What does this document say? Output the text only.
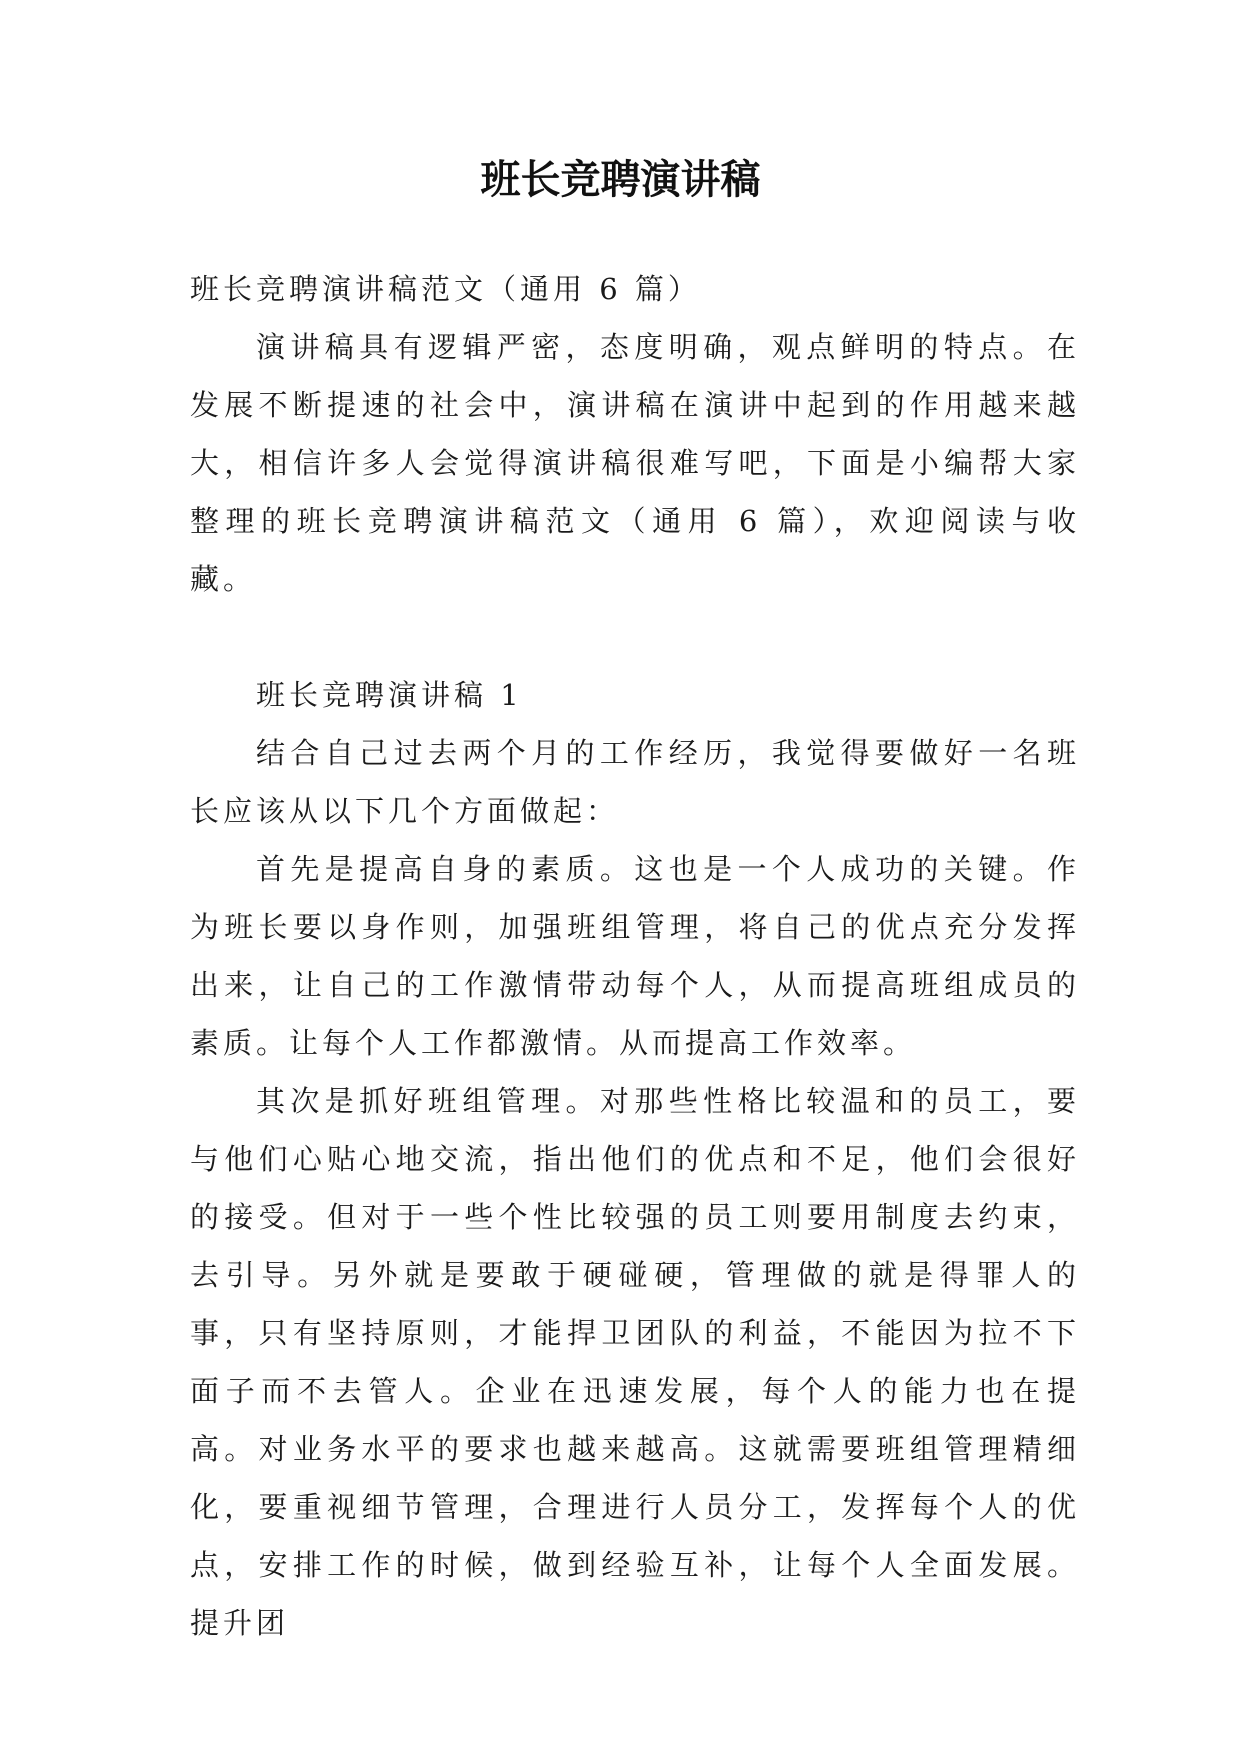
班长竞聘演讲稿

班长竞聘演讲稿范文（通用 6 篇）

演讲稿具有逻辑严密，态度明确，观点鲜明的特点。在发展不断提速的社会中，演讲稿在演讲中起到的作用越来越大，相信许多人会觉得演讲稿很难写吧，下面是小编帮大家整理的班长竞聘演讲稿范文（通用 6 篇），欢迎阅读与收藏。

班长竞聘演讲稿 1

结合自己过去两个月的工作经历，我觉得要做好一名班长应该从以下几个方面做起：

首先是提高自身的素质。这也是一个人成功的关键。作为班长要以身作则，加强班组管理，将自己的优点充分发挥出来，让自己的工作激情带动每个人，从而提高班组成员的素质。让每个人工作都激情。从而提高工作效率。

其次是抓好班组管理。对那些性格比较温和的员工，要与他们心贴心地交流，指出他们的优点和不足，他们会很好的接受。但对于一些个性比较强的员工则要用制度去约束，去引导。另外就是要敢于硬碰硬，管理做的就是得罪人的事，只有坚持原则，才能捍卫团队的利益，不能因为拉不下面子而不去管人。企业在迅速发展，每个人的能力也在提高。对业务水平的要求也越来越高。这就需要班组管理精细化，要重视细节管理，合理进行人员分工，发挥每个人的优点，安排工作的时候，做到经验互补，让每个人全面发展。提升团
